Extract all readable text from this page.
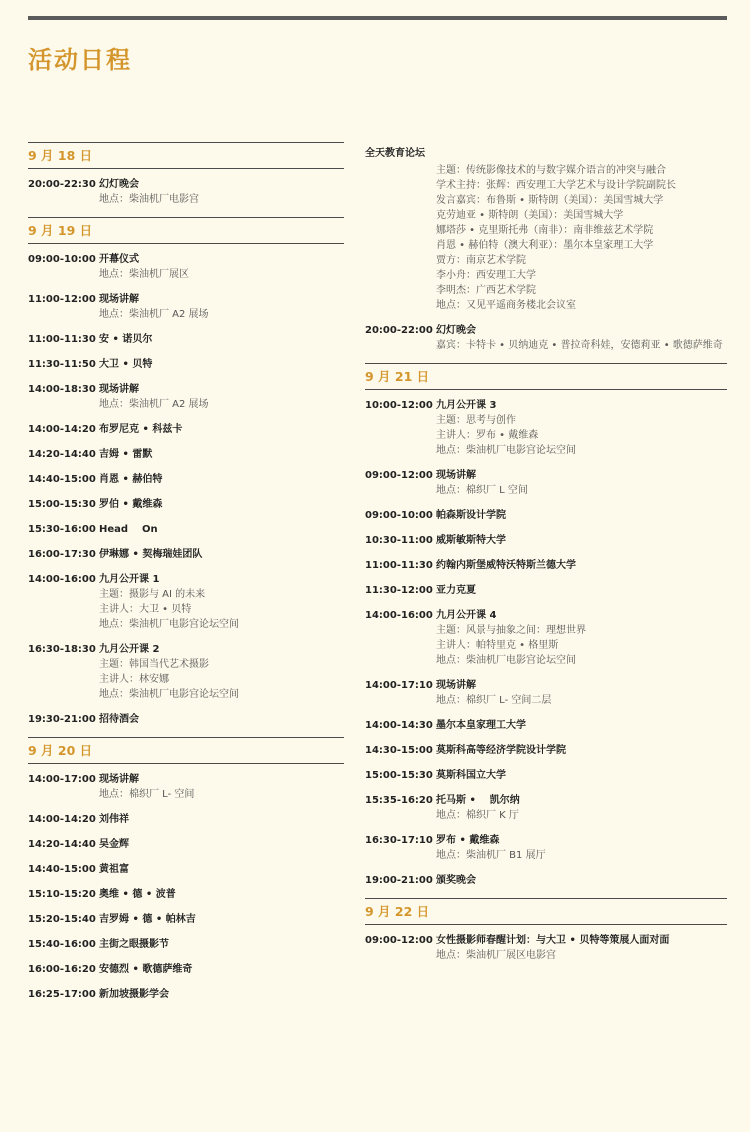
活动日程
9 月 18 日
20:00-22:30 幻灯晚会
地点：柴油机厂电影宫
9 月 19 日
09:00-10:00 开幕仪式
地点：柴油机厂展区
11:00-12:00 现场讲解
地点：柴油机厂 A2 展场
11:00-11:30 安 • 诺贝尔
11:30-11:50 大卫 • 贝特
14:00-18:30 现场讲解
地点：柴油机厂 A2 展场
14:00-14:20 布罗尼克 • 科兹卡
14:20-14:40 吉姆 • 雷默
14:40-15:00 肖恩 • 赫伯特
15:00-15:30 罗伯 • 戴维森
15:30-16:00 Head    On
16:00-17:30 伊琳娜 • 契梅瑞娃团队
14:00-16:00 九月公开课 1
主题：摄影与 AI 的未来
主讲人：大卫 • 贝特
地点：柴油机厂电影宫论坛空间
16:30-18:30 九月公开课 2
主题：韩国当代艺术摄影
主讲人：林安娜
地点：柴油机厂电影宫论坛空间
19:30-21:00 招待酒会
9 月 20 日
14:00-17:00 现场讲解
地点：棉织厂 L- 空间
14:00-14:20 刘伟祥
14:20-14:40 吴金辉
14:40-15:00 黄祖富
15:10-15:20 奥维 • 德 • 波普
15:20-15:40 吉罗姆 • 德 • 帕林吉
15:40-16:00 主街之眼摄影节
16:00-16:20 安德烈 • 歌德萨维奇
16:25-17:00 新加坡摄影学会
全天教育论坛
主题：传统影像技术的与数字媒介语言的冲突与融合
学术主持：张辉：西安理工大学艺术与设计学院副院长
发言嘉宾：布鲁斯 • 斯特朗（美国）：美国雪城大学
克劳迪亚 • 斯特朗（美国）：美国雪城大学
娜塔莎 • 克里斯托弗（南非）：南非维兹艺术学院
肖恩 • 赫伯特（澳大利亚）：墨尔本皇家理工大学
贾方：南京艺术学院
李小舟：西安理工大学
李明杰：广西艺术学院
地点：又见平遥商务楼北会议室
20:00-22:00 幻灯晚会
嘉宾：卡特卡 • 贝纳迪克 • 普拉奇科娃，安德莉亚 • 歌德萨维奇
9 月 21 日
10:00-12:00 九月公开课 3
主题：思考与创作
主讲人：罗布 • 戴维森
地点：柴油机厂电影宫论坛空间
09:00-12:00 现场讲解
地点：棉织厂 L 空间
09:00-10:00 帕森斯设计学院
10:30-11:00 威斯敏斯特大学
11:00-11:30 约翰内斯堡威特沃特斯兰德大学
11:30-12:00 亚力克夏
14:00-16:00 九月公开课 4
主题：风景与抽象之间：理想世界
主讲人：帕特里克 • 格里斯
地点：柴油机厂电影宫论坛空间
14:00-17:10 现场讲解
地点：棉织厂 L- 空间二层
14:00-14:30 墨尔本皇家理工大学
14:30-15:00 莫斯科高等经济学院设计学院
15:00-15:30 莫斯科国立大学
15:35-16:20 托马斯 •    凯尔纳
地点：棉织厂 K 厅
16:30-17:10 罗布 • 戴维森
地点：柴油机厂 B1 展厅
19:00-21:00 颁奖晚会
9 月 22 日
09:00-12:00 女性摄影师春醒计划：与大卫 • 贝特等策展人面对面
地点：柴油机厂展区电影宫
